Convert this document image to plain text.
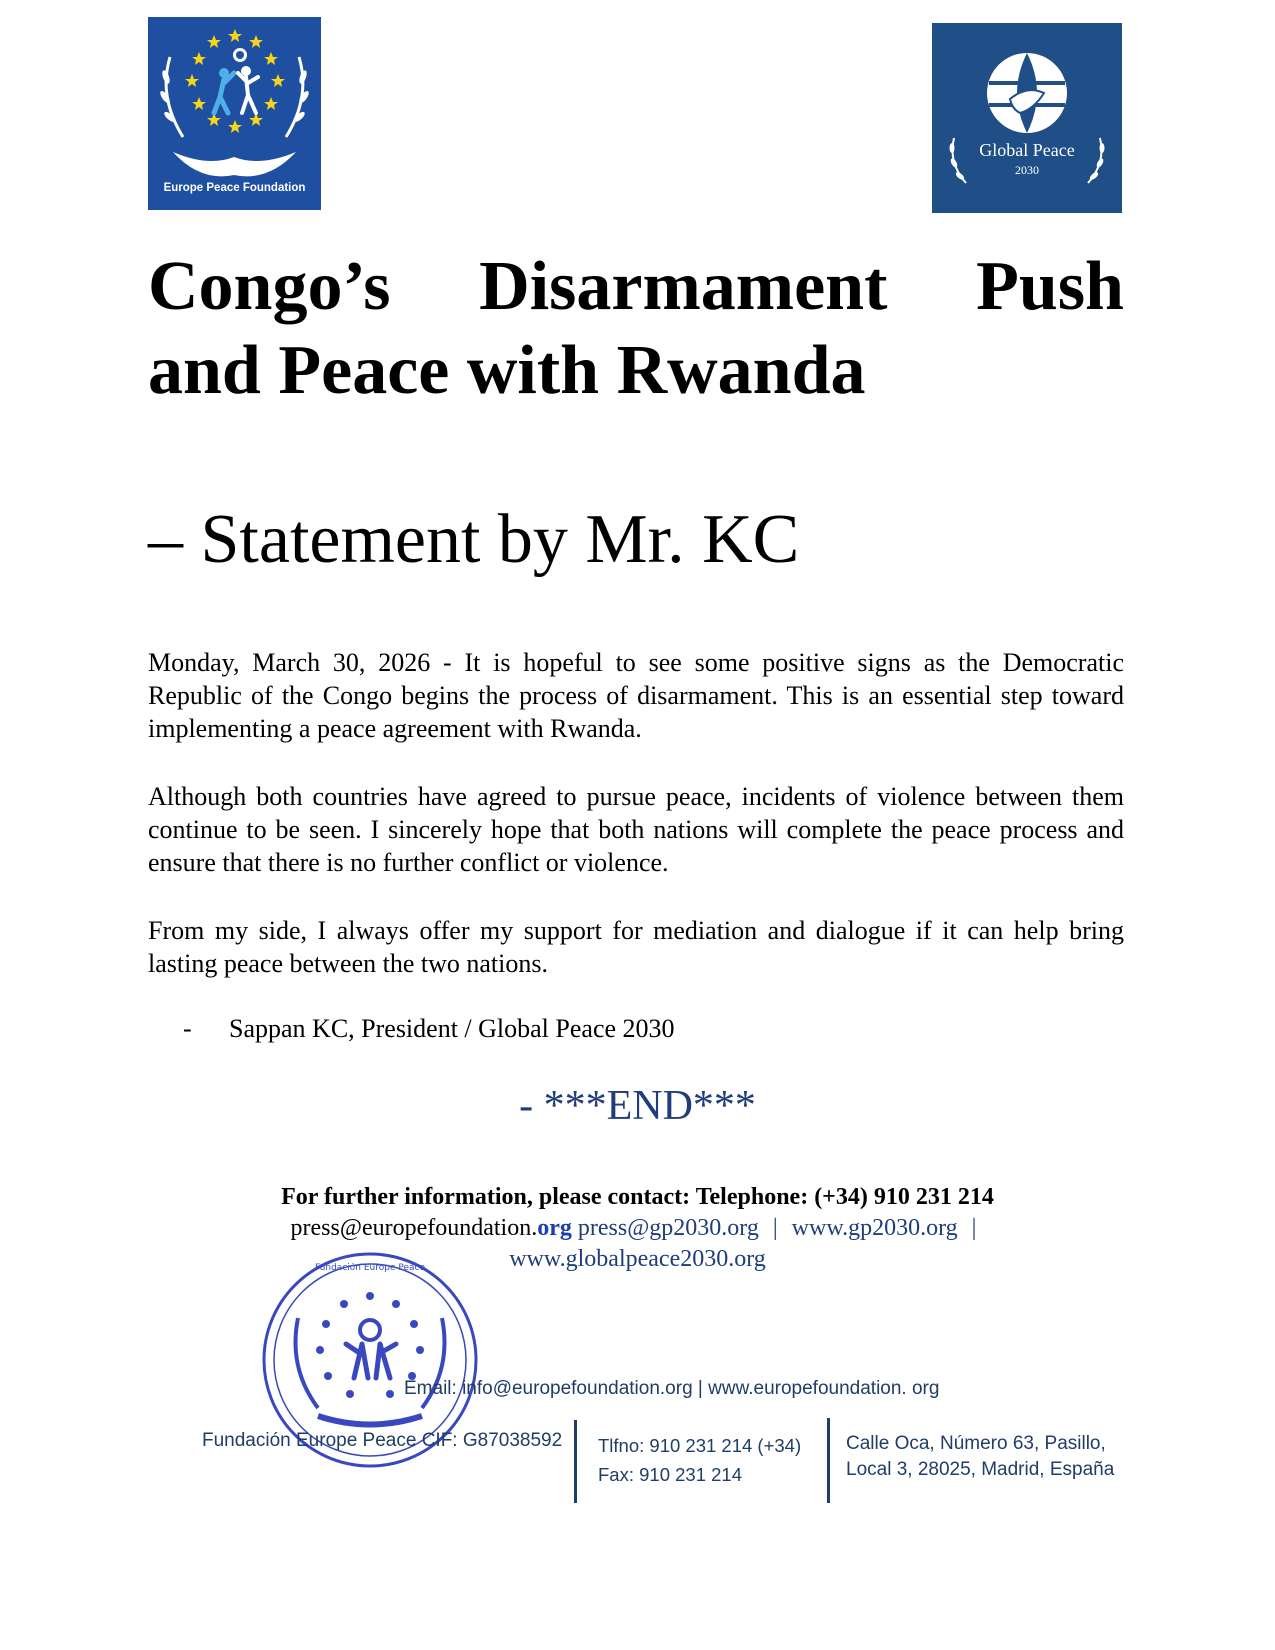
Europe Peace Foundation
Global Peace
2030
Congo’s Disarmament Push
and Peace with Rwanda
– Statement by Mr. KC

Monday, March 30, 2026 - It is hopeful to see some positive signs as the Democratic Republic of the Congo begins the process of disarmament. This is an essential step toward implementing a peace agreement with Rwanda.

Although both countries have agreed to pursue peace, incidents of violence between them continue to be seen. I sincerely hope that both nations will complete the peace process and ensure that there is no further conflict or violence.

From my side, I always offer my support for mediation and dialogue if it can help bring lasting peace between the two nations.

- Sappan KC, President / Global Peace 2030
- ***END***
For further information, please contact: Telephone: (+34) 910 231 214
press@europefoundation.org press@gp2030.org | www.gp2030.org |
www.globalpeace2030.org
Fundación Europe Peace
Email: info@europefoundation.org | www.europefoundation. org
Fundación Europe Peace CIF: G87038592 Tlfno: 910 231 214 (+34)
Fax: 910 231 214
Calle Oca, Número 63, Pasillo,
Local 3, 28025, Madrid, España
